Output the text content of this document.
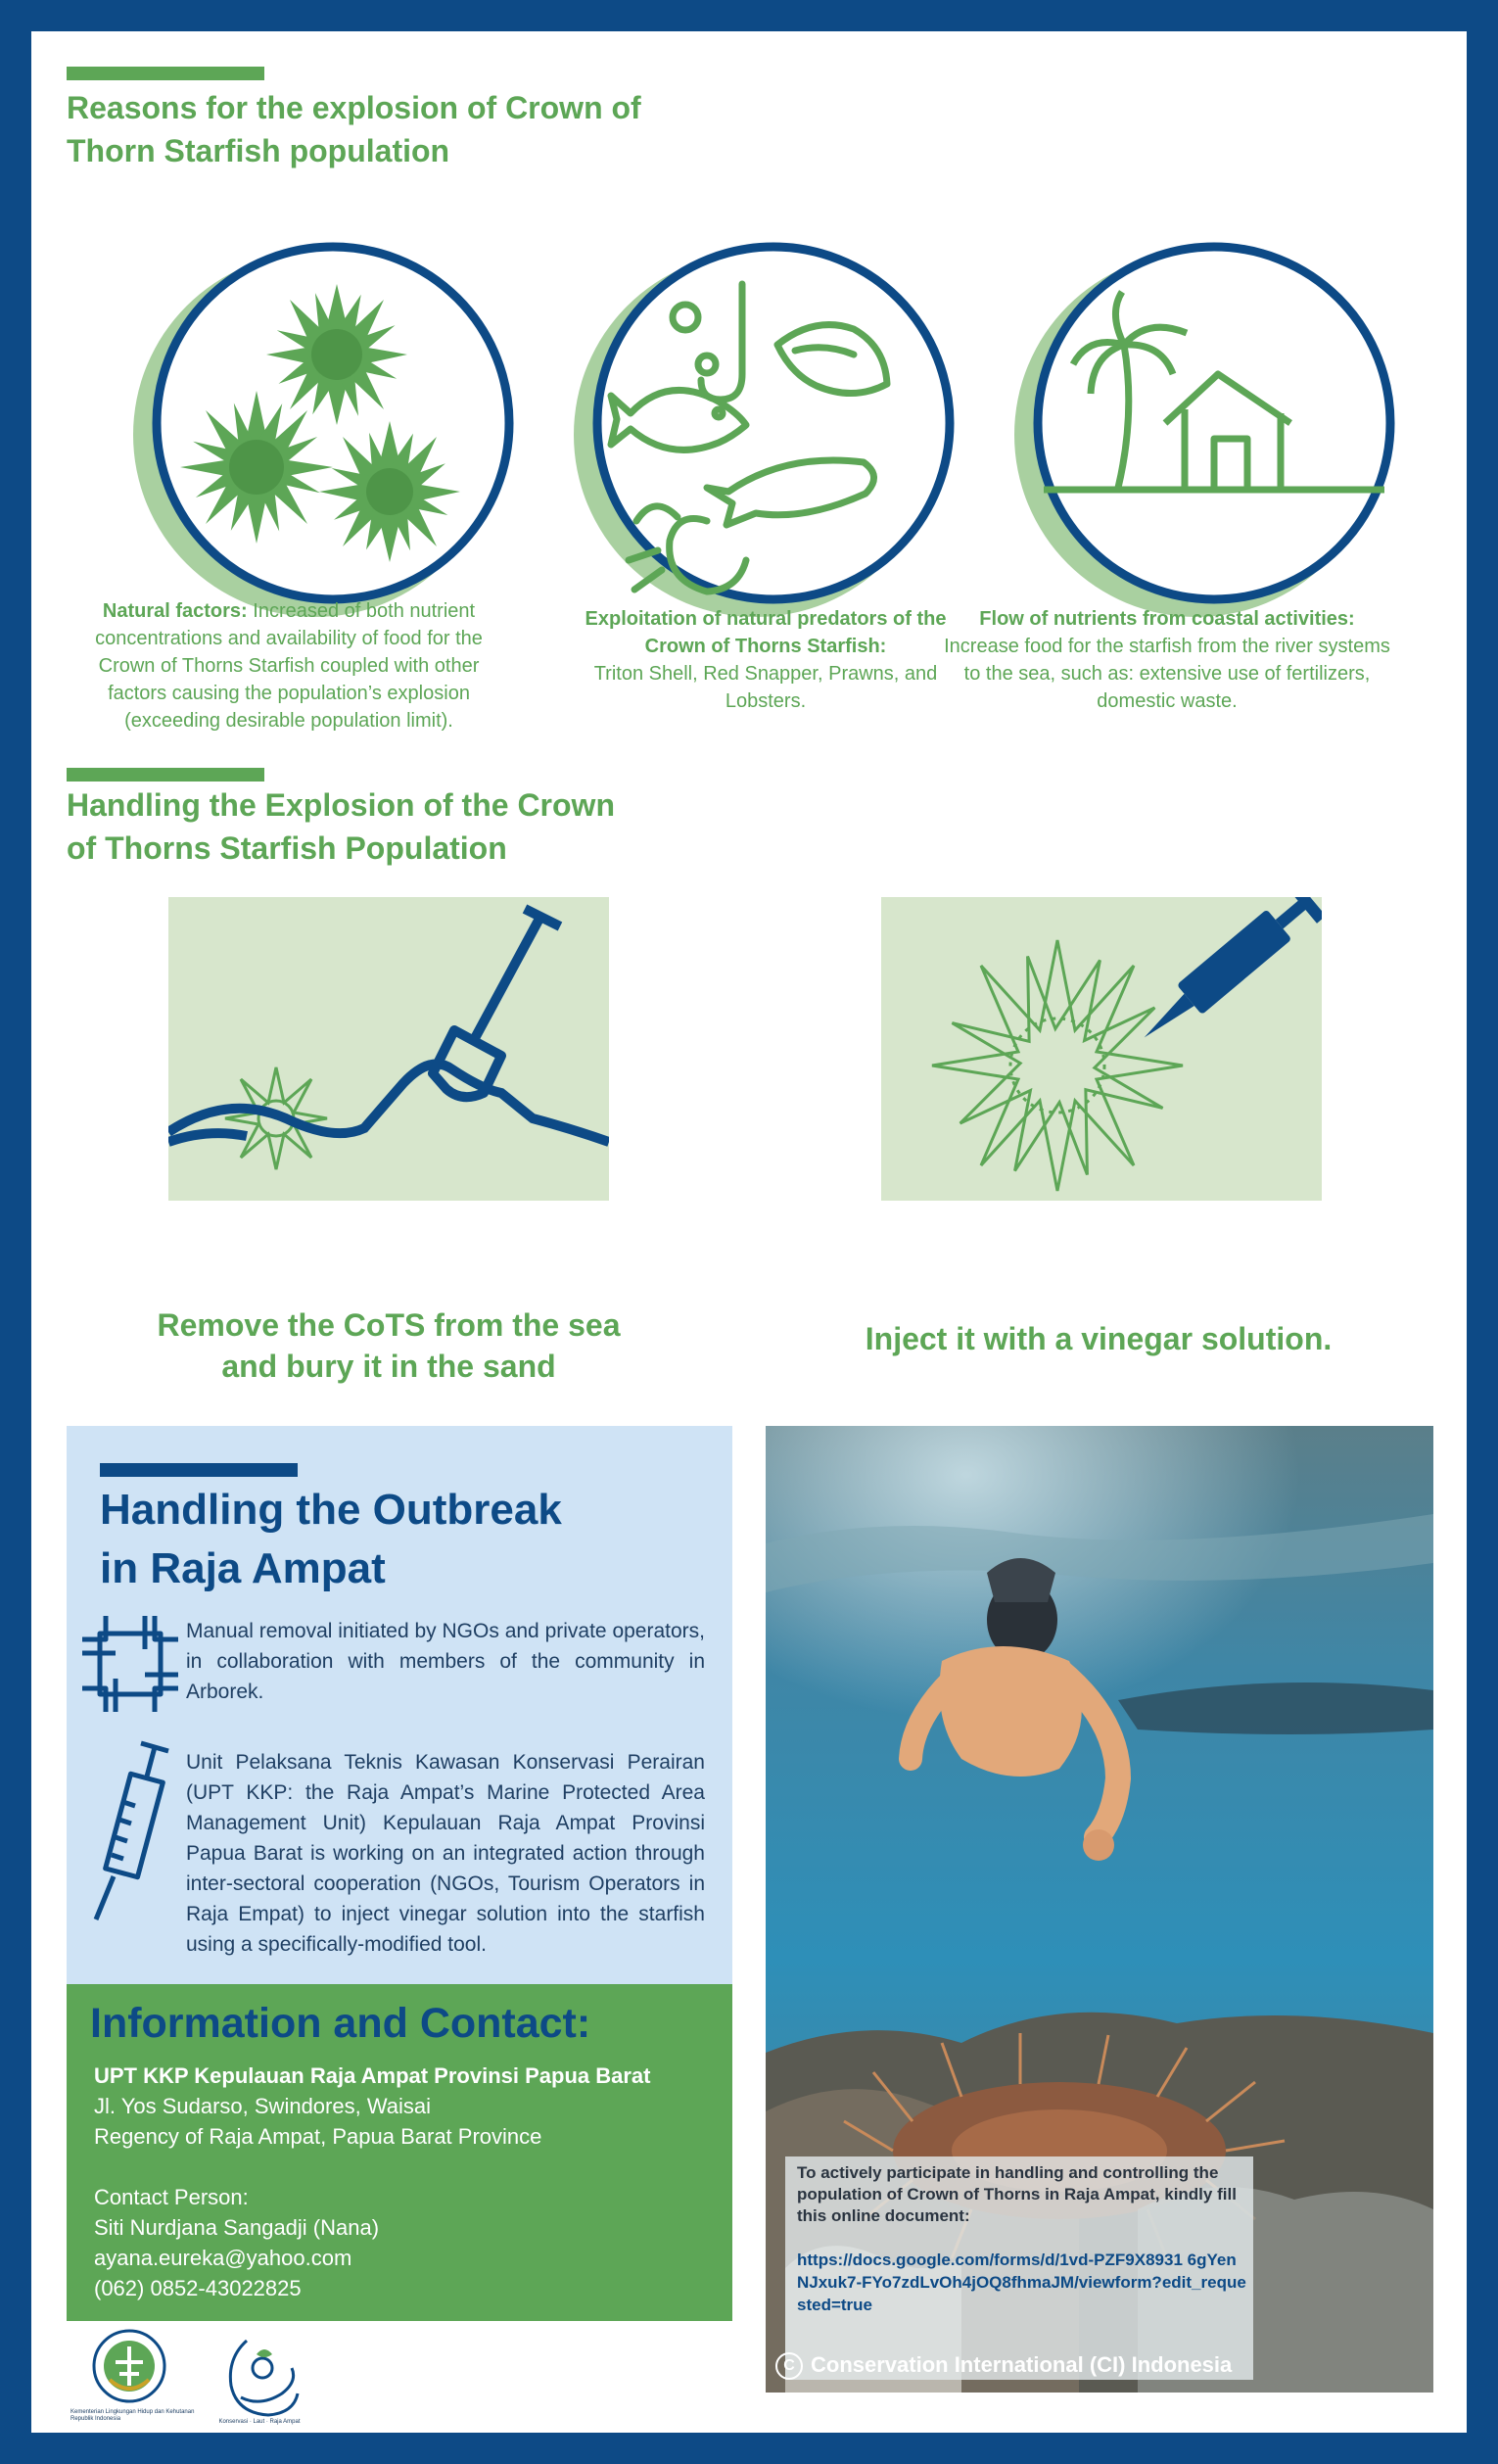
Reasons for the explosion of Crown of
Thorn Starfish population
Natural factors: Increased of both nutrient concentrations and availability of food for the Crown of Thorns Starfish coupled with other factors causing the population’s explosion (exceeding desirable population limit).
Exploitation of natural predators of the Crown of Thorns Starfish:
Triton Shell, Red Snapper, Prawns, and Lobsters.
Flow of nutrients from coastal activities:
Increase food for the starfish from the river systems to the sea, such as: extensive use of fertilizers, domestic waste.
Handling the Explosion of the Crown
of Thorns Starfish Population
Remove the CoTS from the sea
and bury it in the sand
Inject it with a vinegar solution.
Handling the Outbreak
in Raja Ampat
Manual removal initiated by NGOs and private operators, in collaboration with members of the community in Arborek.
Unit Pelaksana Teknis Kawasan Konservasi Perairan (UPT KKP: the Raja Ampat’s Marine Protected Area Management Unit) Kepulauan Raja Ampat Provinsi Papua Barat is working on an integrated action through inter-sectoral cooperation (NGOs, Tourism Operators in Raja Empat) to inject vinegar solution into the starfish using a specifically-modified tool.
Information and Contact:
UPT KKP Kepulauan Raja Ampat Provinsi Papua Barat
Jl. Yos Sudarso, Swindores, Waisai
Regency of Raja Ampat, Papua Barat Province
Contact Person:
Siti Nurdjana Sangadji (Nana)
ayana.eureka@yahoo.com
(062) 0852-43022825
Kementerian Lingkungan Hidup dan Kehutanan Republik Indonesia	Konservasi · Laut · Raja Ampat
To actively participate in handling and controlling the population of Crown of Thorns in Raja Ampat, kindly fill this online document:
https://docs.google.com/forms/d/1vd-PZF9X8931 6gYenNJxuk7-FYo7zdLvOh4jOQ8fhmaJM/viewform?edit_requested=true
C Conservation International (CI) Indonesia
